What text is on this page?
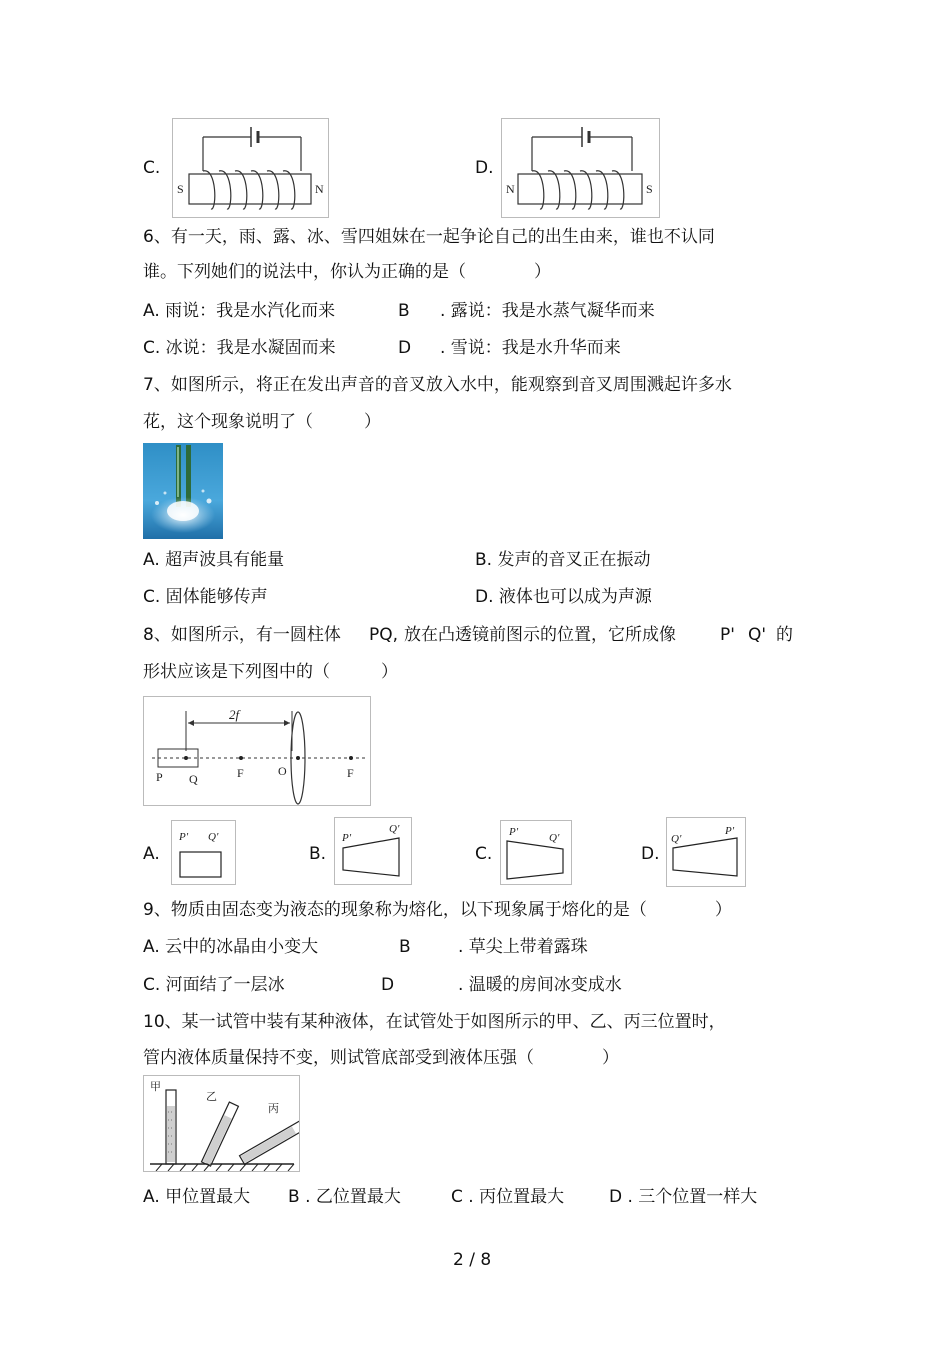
C.
S	N
D.
N	S
6、有一天，雨、露、冰、雪四姐妹在一起争论自己的出生由来，谁也不认同
谁。下列她们的说法中，你认为正确的是（　　　　）
A. 雨说：我是水汽化而来	B . 露说：我是水蒸气凝华而来
C. 冰说：我是水凝固而来	D . 雪说：我是水升华而来
7、如图所示，将正在发出声音的音叉放入水中，能观察到音叉周围溅起许多水
花，这个现象说明了（　　　）
A. 超声波具有能量	B. 发声的音叉正在振动
C. 固体能够传声	D. 液体也可以成为声源
8、如图所示，有一圆柱体 PQ, 放在凸透镜前图示的位置，它所成像	P' Q' 的
形状应该是下列图中的（　　　）
2f
P Q	F	O	F
A.
P' Q'
B.
P'
Q'
C.
P'	Q'
D.
Q'
P'
9、物质由固态变为液态的现象称为熔化，以下现象属于熔化的是（　　　　）
A. 云中的冰晶由小变大	B	. 草尖上带着露珠
C. 河面结了一层冰	D	. 温暖的房间冰变成水
10、某一试管中装有某种液体，在试管处于如图所示的甲、乙、丙三位置时，
管内液体质量保持不变，则试管底部受到液体压强（　　　　）
甲
乙
丙
A. 甲位置最大 B . 乙位置最大	C . 丙位置最大	D . 三个位置一样大
2 / 8
